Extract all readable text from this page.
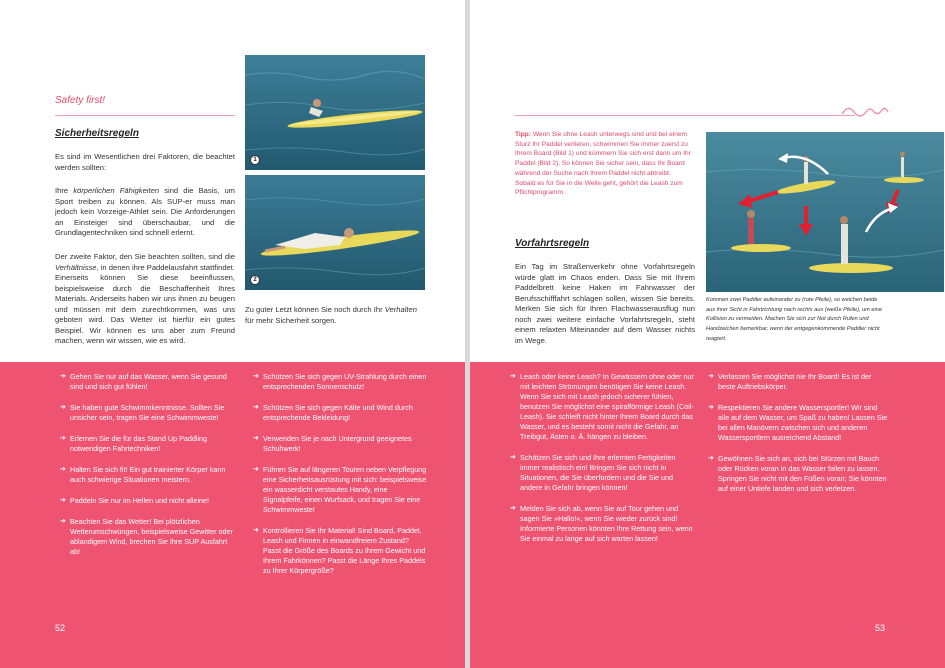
Safety first!
Sicherheitsregeln
Es sind im Wesentlichen drei Faktoren, die beachtet werden sollten:
Ihre körperlichen Fähigkeiten sind die Basis, um Sport treiben zu können. Als SUP-er muss man jedoch kein Vorzeige-Athlet sein. Die Anforderungen an Einsteiger sind überschaubar, und die Grundlagentechniken sind schnell erlernt.
Der zweite Faktor, den Sie beachten sollten, sind die Verhältnisse, in denen ihre Paddelausfahrt stattfindet. Einerseits können Sie diese beeinflussen, beispielsweise durch die Beschaffenheit Ihres Materials. Anderseits haben wir uns ihnen zu beugen und müssen mit dem zurechtkommen, was uns geboten wird. Das Wetter ist hierfür ein gutes Beispiel. Wir können es uns aber zum Freund machen, wenn wir wissen, wie es wird.
1
2
Zu guter Letzt können Sie noch durch Ihr Verhalten für mehr Sicherheit sorgen.
➜ Gehen Sie nur auf das Wasser, wenn Sie gesund sind und sich gut fühlen!
➜ Sie haben gute Schwimmkenntnisse. Sollten Sie unsicher sein, tragen Sie eine Schwimmweste!
➜ Erlernen Sie die für das Stand Up Paddling notwendigen Fahrtechniken!
➜ Halten Sie sich fit! Ein gut trainierter Körper kann auch schwierige Situationen meistern.
➜ Paddeln Sie nur im Hellen und nicht alleine!
➜ Beachten Sie das Wetter! Bei plötzlichen Wetterumschwüngen, beispielsweise Gewitter oder ablandigem Wind, brechen Sie Ihre SUP Ausfahrt ab!
➜ Schützen Sie sich gegen UV-Strahlung durch einen entsprechenden Sonnenschutz!
➜ Schützen Sie sich gegen Kälte und Wind durch entsprechende Bekleidung!
➜ Verwenden Sie je nach Untergrund geeignetes Schuhwerk!
➜ Führen Sie auf längeren Touren neben Verpflegung eine Sicherheitsausrüstung mit sich: beispielsweise ein wasserdicht verstautes Handy, eine Signalpfeife, einen Wurfsack, und tragen Sie eine Schwimmweste!
➜ Kontrollieren Sie Ihr Material! Sind Board, Paddel, Leash und Finnen in einwandfreiem Zustand? Passt die Größe des Boards zu Ihrem Gewicht und Ihrem Fahrkönnen? Passt die Länge Ihres Paddels zu Ihrer Körpergröße?
52
Tipp: Wenn Sie ohne Leash unterwegs sind und bei einem Sturz Ihr Paddel verlieren, schwimmen Sie immer zuerst zu Ihrem Board (Bild 1) und kümmern Sie sich erst dann um Ihr Paddel (Bild 2). So können Sie sicher sein, dass Ihr Board während der Suche nach Ihrem Paddel nicht abtreibt.
Sobald es für Sie in die Welle geht, gehört die Leash zum Pflichtprogramm.
Vorfahrtsregeln
Ein Tag im Straßenverkehr ohne Vorfahrtsregeln würde glatt im Chaos enden. Dass Sie mit Ihrem Paddelbrett keine Haken im Fahrwasser der Berufsschifffahrt schlagen sollen, wissen Sie bereits. Merken Sie sich für Ihren Flachwasserausflug nun noch zwei weitere einfache Vorfahrtsregeln, steht einem relaxten Miteinander auf dem Wasser nichts im Wege.
Kommen zwei Paddler aufeinander zu (rote Pfeile), so weichen beide aus ihrer Sicht in Fahrtrichtung nach rechts aus (weiße Pfeile), um eine Kollision zu vermeiden. Machen Sie sich zur Not durch Rufen und Handzeichen bemerkbar, wenn der entgegenkommende Paddler nicht reagiert.
➜ Leash oder keine Leash? In Gewässern ohne oder nur mit leichten Strömungen benötigen Sie keine Leash. Wenn Sie sich mit Leash jedoch sicherer fühlen, benutzen Sie möglichst eine spiralförmige Leash (Coil-Leash). Sie schleift nicht hinter Ihrem Board durch das Wasser, und es besteht somit nicht die Gefahr, an Treibgut, Ästen o. Ä. hängen zu bleiben.
➜ Schätzen Sie sich und Ihre erlernten Fertigkeiten immer realistisch ein! Bringen Sie sich nicht in Situationen, die Sie überfordern und die Sie und andere in Gefahr bringen können!
➜ Melden Sie sich ab, wenn Sie auf Tour gehen und sagen Sie »Hallo!«, wenn Sie wieder zurück sind! Informierte Personen könnten Ihre Rettung sein, wenn Sie einmal zu lange auf sich warten lassen!
➜ Verlassen Sie möglichst nie Ihr Board! Es ist der beste Auftriebskörper.
➜ Respektieren Sie andere Wassersportler! Wir sind alle auf dem Wasser, um Spaß zu haben! Lassen Sie bei allen Manövern zwischen sich und anderen Wassersportlern ausreichend Abstand!
➜ Gewöhnen Sie sich an, sich bei Stürzen mit Bauch oder Rücken voran in das Wasser fallen zu lassen. Springen Sie nicht mit den Füßen voran; Sie könnten auf einer Untiefe landen und sich verletzen.
53
